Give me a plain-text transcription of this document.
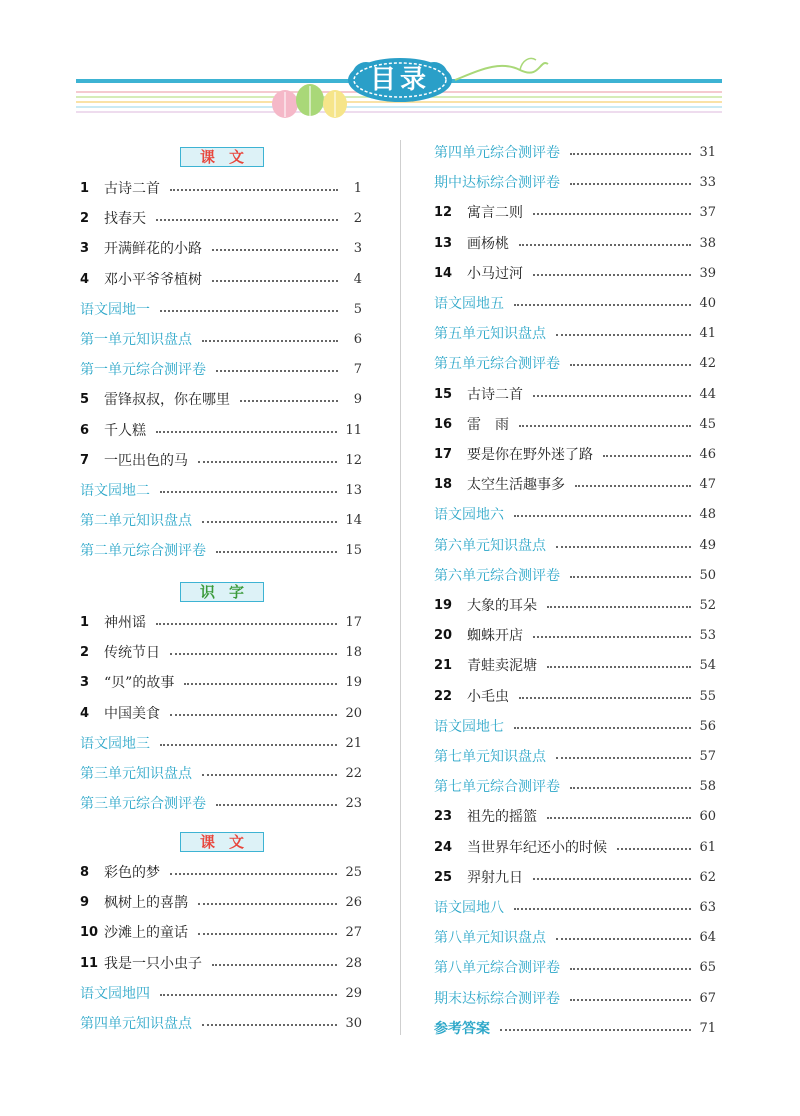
目录
课文
识字
课文
1	古诗二首	1
2	找春天	2
3	开满鲜花的小路	3
4	邓小平爷爷植树	4
语文园地一	5
第一单元知识盘点	6
第一单元综合测评卷	7
5	雷锋叔叔，你在哪里	9
6	千人糕	11
7	一匹出色的马	12
语文园地二	13
第二单元知识盘点	14
第二单元综合测评卷	15
1	神州谣	17
2	传统节日	18
3	“贝”的故事	19
4	中国美食	20
语文园地三	21
第三单元知识盘点	22
第三单元综合测评卷	23
8	彩色的梦	25
9	枫树上的喜鹊	26
10 沙滩上的童话	27
11 我是一只小虫子	28
语文园地四	29
第四单元知识盘点	30
第四单元综合测评卷	31
期中达标综合测评卷	33
12	寓言二则	37
13	画杨桃	38
14	小马过河	39
语文园地五	40
第五单元知识盘点	41
第五单元综合测评卷	42
15	古诗二首	44
16	雷　雨	45
17	要是你在野外迷了路	46
18	太空生活趣事多	47
语文园地六	48
第六单元知识盘点	49
第六单元综合测评卷	50
19	大象的耳朵	52
20	蜘蛛开店	53
21	青蛙卖泥塘	54
22	小毛虫	55
语文园地七	56
第七单元知识盘点	57
第七单元综合测评卷	58
23	祖先的摇篮	60
24	当世界年纪还小的时候	61
25	羿射九日	62
语文园地八	63
第八单元知识盘点	64
第八单元综合测评卷	65
期末达标综合测评卷	67
参考答案	71
